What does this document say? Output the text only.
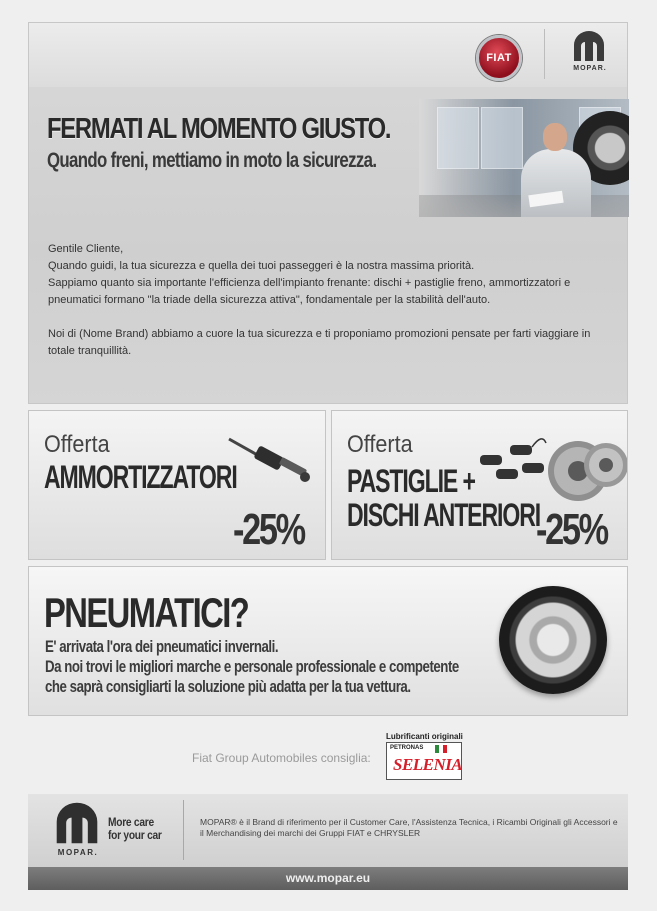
FIAT
MOPAR.
FERMATI AL MOMENTO GIUSTO.
Quando freni, mettiamo in moto la sicurezza.

Gentile Cliente,

Quando guidi, la tua sicurezza e quella dei tuoi passeggeri è la nostra massima priorità.

Sappiamo quanto sia importante l'efficienza dell'impianto frenante: dischi + pastiglie freno, ammortizzatori e pneumatici formano "la triade della sicurezza attiva", fondamentale per la stabilità dell'auto.

Noi di (Nome Brand) abbiamo a cuore la tua sicurezza e ti proponiamo promozioni pensate per farti viaggiare in totale tranquillità.

Offerta
AMMORTIZZATORI
-25%
Offerta
PASTIGLIE +
DISCHI ANTERIORI
-25%
PNEUMATICI?
E' arrivata l'ora dei pneumatici invernali.
Da noi trovi le migliori marche e personale professionale e competente
che saprà consigliarti la soluzione più adatta per la tua vettura.
Fiat Group Automobiles consiglia:
Lubrificanti originali
PETRONAS
SELENIA
MOPAR.
More care
for your car
MOPAR® è il Brand di riferimento per il Customer Care, l'Assistenza Tecnica, i Ricambi Originali gli Accessori e il Merchandising dei marchi dei Gruppi FIAT e CHRYSLER
www.mopar.eu
